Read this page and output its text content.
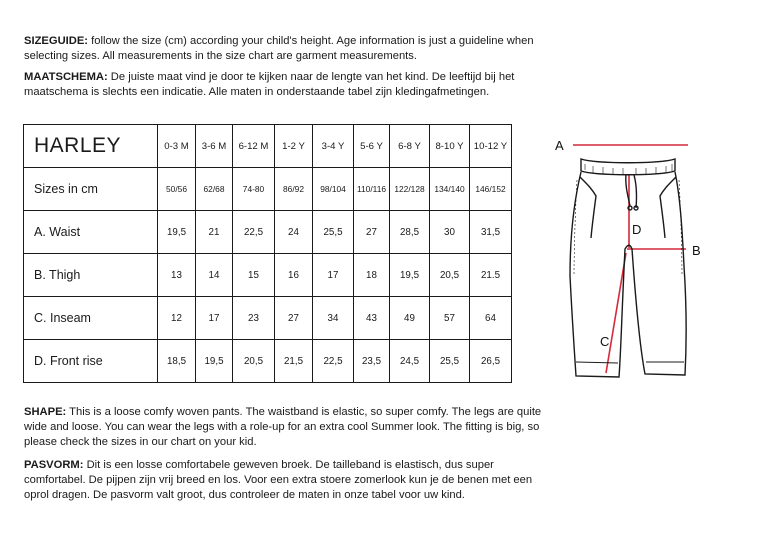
SIZEGUIDE: follow the size (cm) according your child's height. Age information is just a guideline when selecting sizes. All measurements in the size chart are garment measurements.
MAATSCHEMA: De juiste maat vind je door te kijken naar de lengte van het kind. De leeftijd bij het maatschema is slechts een indicatie. Alle maten in onderstaande tabel zijn kledingafmetingen.
HARLEY	0-3 M	3-6 M	6-12 M	1-2 Y	3-4 Y	5-6 Y	6-8 Y	8-10 Y	10-12 Y
Sizes in cm	50/56	62/68	74-80	86/92	98/104	110/116	122/128	134/140	146/152
A. Waist	19,5	21	22,5	24	25,5	27	28,5	30	31,5
B. Thigh	13	14	15	16	17	18	19,5	20,5	21.5
C. Inseam	12	17	23	27	34	43	49	57	64
D. Front rise	18,5	19,5	20,5	21,5	22,5	23,5	24,5	25,5	26,5
A
B
C
D
SHAPE: This is a loose comfy woven pants. The waistband is elastic, so super comfy. The legs are quite wide and loose. You can wear the legs with a role-up for an extra cool Summer look. The fitting is big, so please check the sizes in our chart on your kid.
PASVORM: Dit is een losse comfortabele geweven broek. De tailleband is elastisch, dus super comfortabel. De pijpen zijn vrij breed en los. Voor een extra stoere zomerlook kun je de benen met een oprol dragen. De pasvorm valt groot, dus controleer de maten in onze tabel voor uw kind.
